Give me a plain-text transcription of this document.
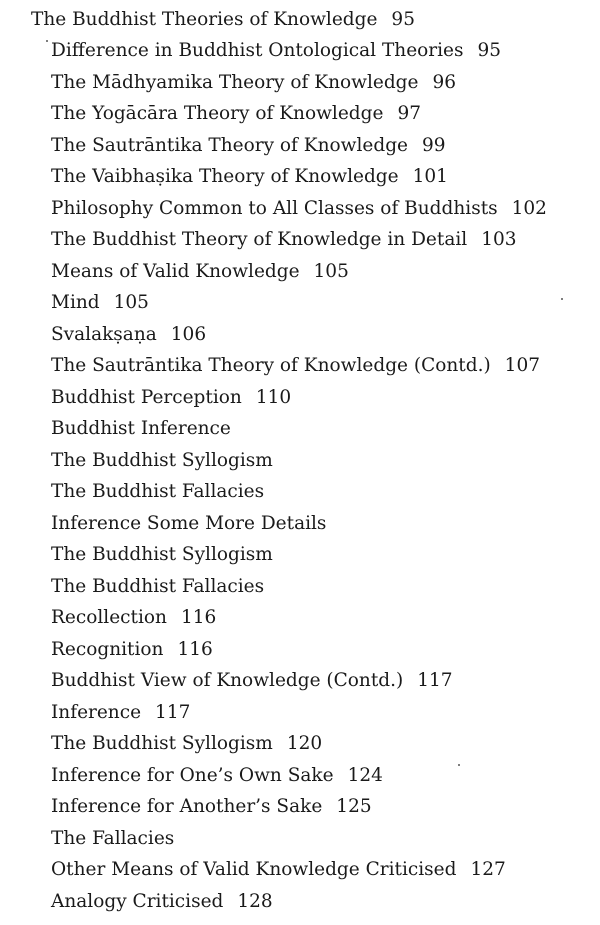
The Buddhist Theories of Knowledge 95
Difference in Buddhist Ontological Theories 95
The Mādhyamika Theory of Knowledge 96
The Yogācāra Theory of Knowledge 97
The Sautrāntika Theory of Knowledge 99
The Vaibhaṣika Theory of Knowledge 101
Philosophy Common to All Classes of Buddhists 102
The Buddhist Theory of Knowledge in Detail 103
Means of Valid Knowledge 105
Mind 105
Svalakṣaṇa 106
The Sautrāntika Theory of Knowledge (Contd.) 107
Buddhist Perception 110
Buddhist Inference
The Buddhist Syllogism
The Buddhist Fallacies
Inference Some More Details
The Buddhist Syllogism
The Buddhist Fallacies
Recollection 116
Recognition 116
Buddhist View of Knowledge (Contd.) 117
Inference 117
The Buddhist Syllogism 120
Inference for One’s Own Sake 124
Inference for Another’s Sake 125
The Fallacies
Other Means of Valid Knowledge Criticised 127
Analogy Criticised 128
